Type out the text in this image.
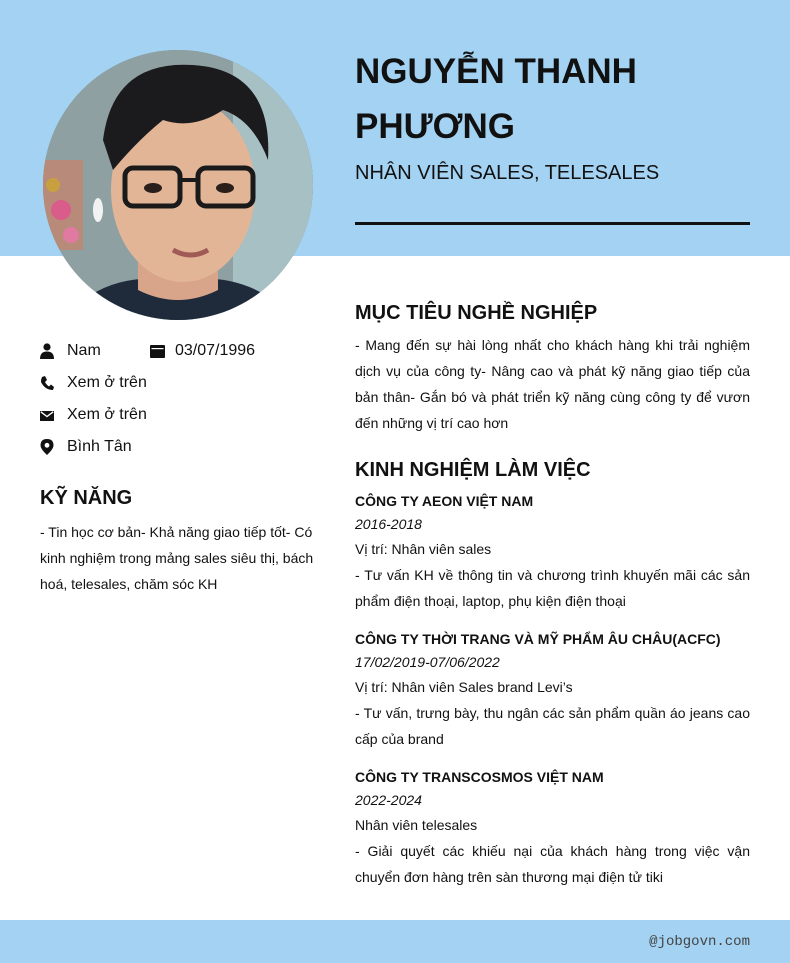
NGUYỄN THANH PHƯƠNG
NHÂN VIÊN SALES, TELESALES
Nam	03/07/1996
Xem ở trên
Xem ở trên
Bình Tân
KỸ NĂNG
- Tin học cơ bản- Khả năng giao tiếp tốt- Có kinh nghiệm trong mảng sales siêu thị, bách hoá, telesales, chăm sóc KH
MỤC TIÊU NGHỀ NGHIỆP
- Mang đến sự hài lòng nhất cho khách hàng khi trải nghiệm dịch vụ của công ty- Nâng cao và phát kỹ năng giao tiếp của bản thân- Gắn bó và phát triển kỹ năng cùng công ty để vươn đến những vị trí cao hơn
KINH NGHIỆM LÀM VIỆC
CÔNG TY AEON VIỆT NAM
2016-2018
Vị trí: Nhân viên sales
- Tư vấn KH về thông tin và chương trình khuyến mãi các sản phẩm điện thoại, laptop, phụ kiện điện thoại
CÔNG TY THỜI TRANG VÀ MỸ PHẨM ÂU CHÂU(ACFC)
17/02/2019-07/06/2022
Vị trí: Nhân viên Sales brand Levi’s
- Tư vấn, trưng bày, thu ngân các sản phẩm quần áo jeans cao cấp của brand
CÔNG TY TRANSCOSMOS VIỆT NAM
2022-2024
Nhân viên telesales
- Giải quyết các khiếu nại của khách hàng trong việc vận chuyển đơn hàng trên sàn thương mại điện tử tiki
@jobgovn.com
